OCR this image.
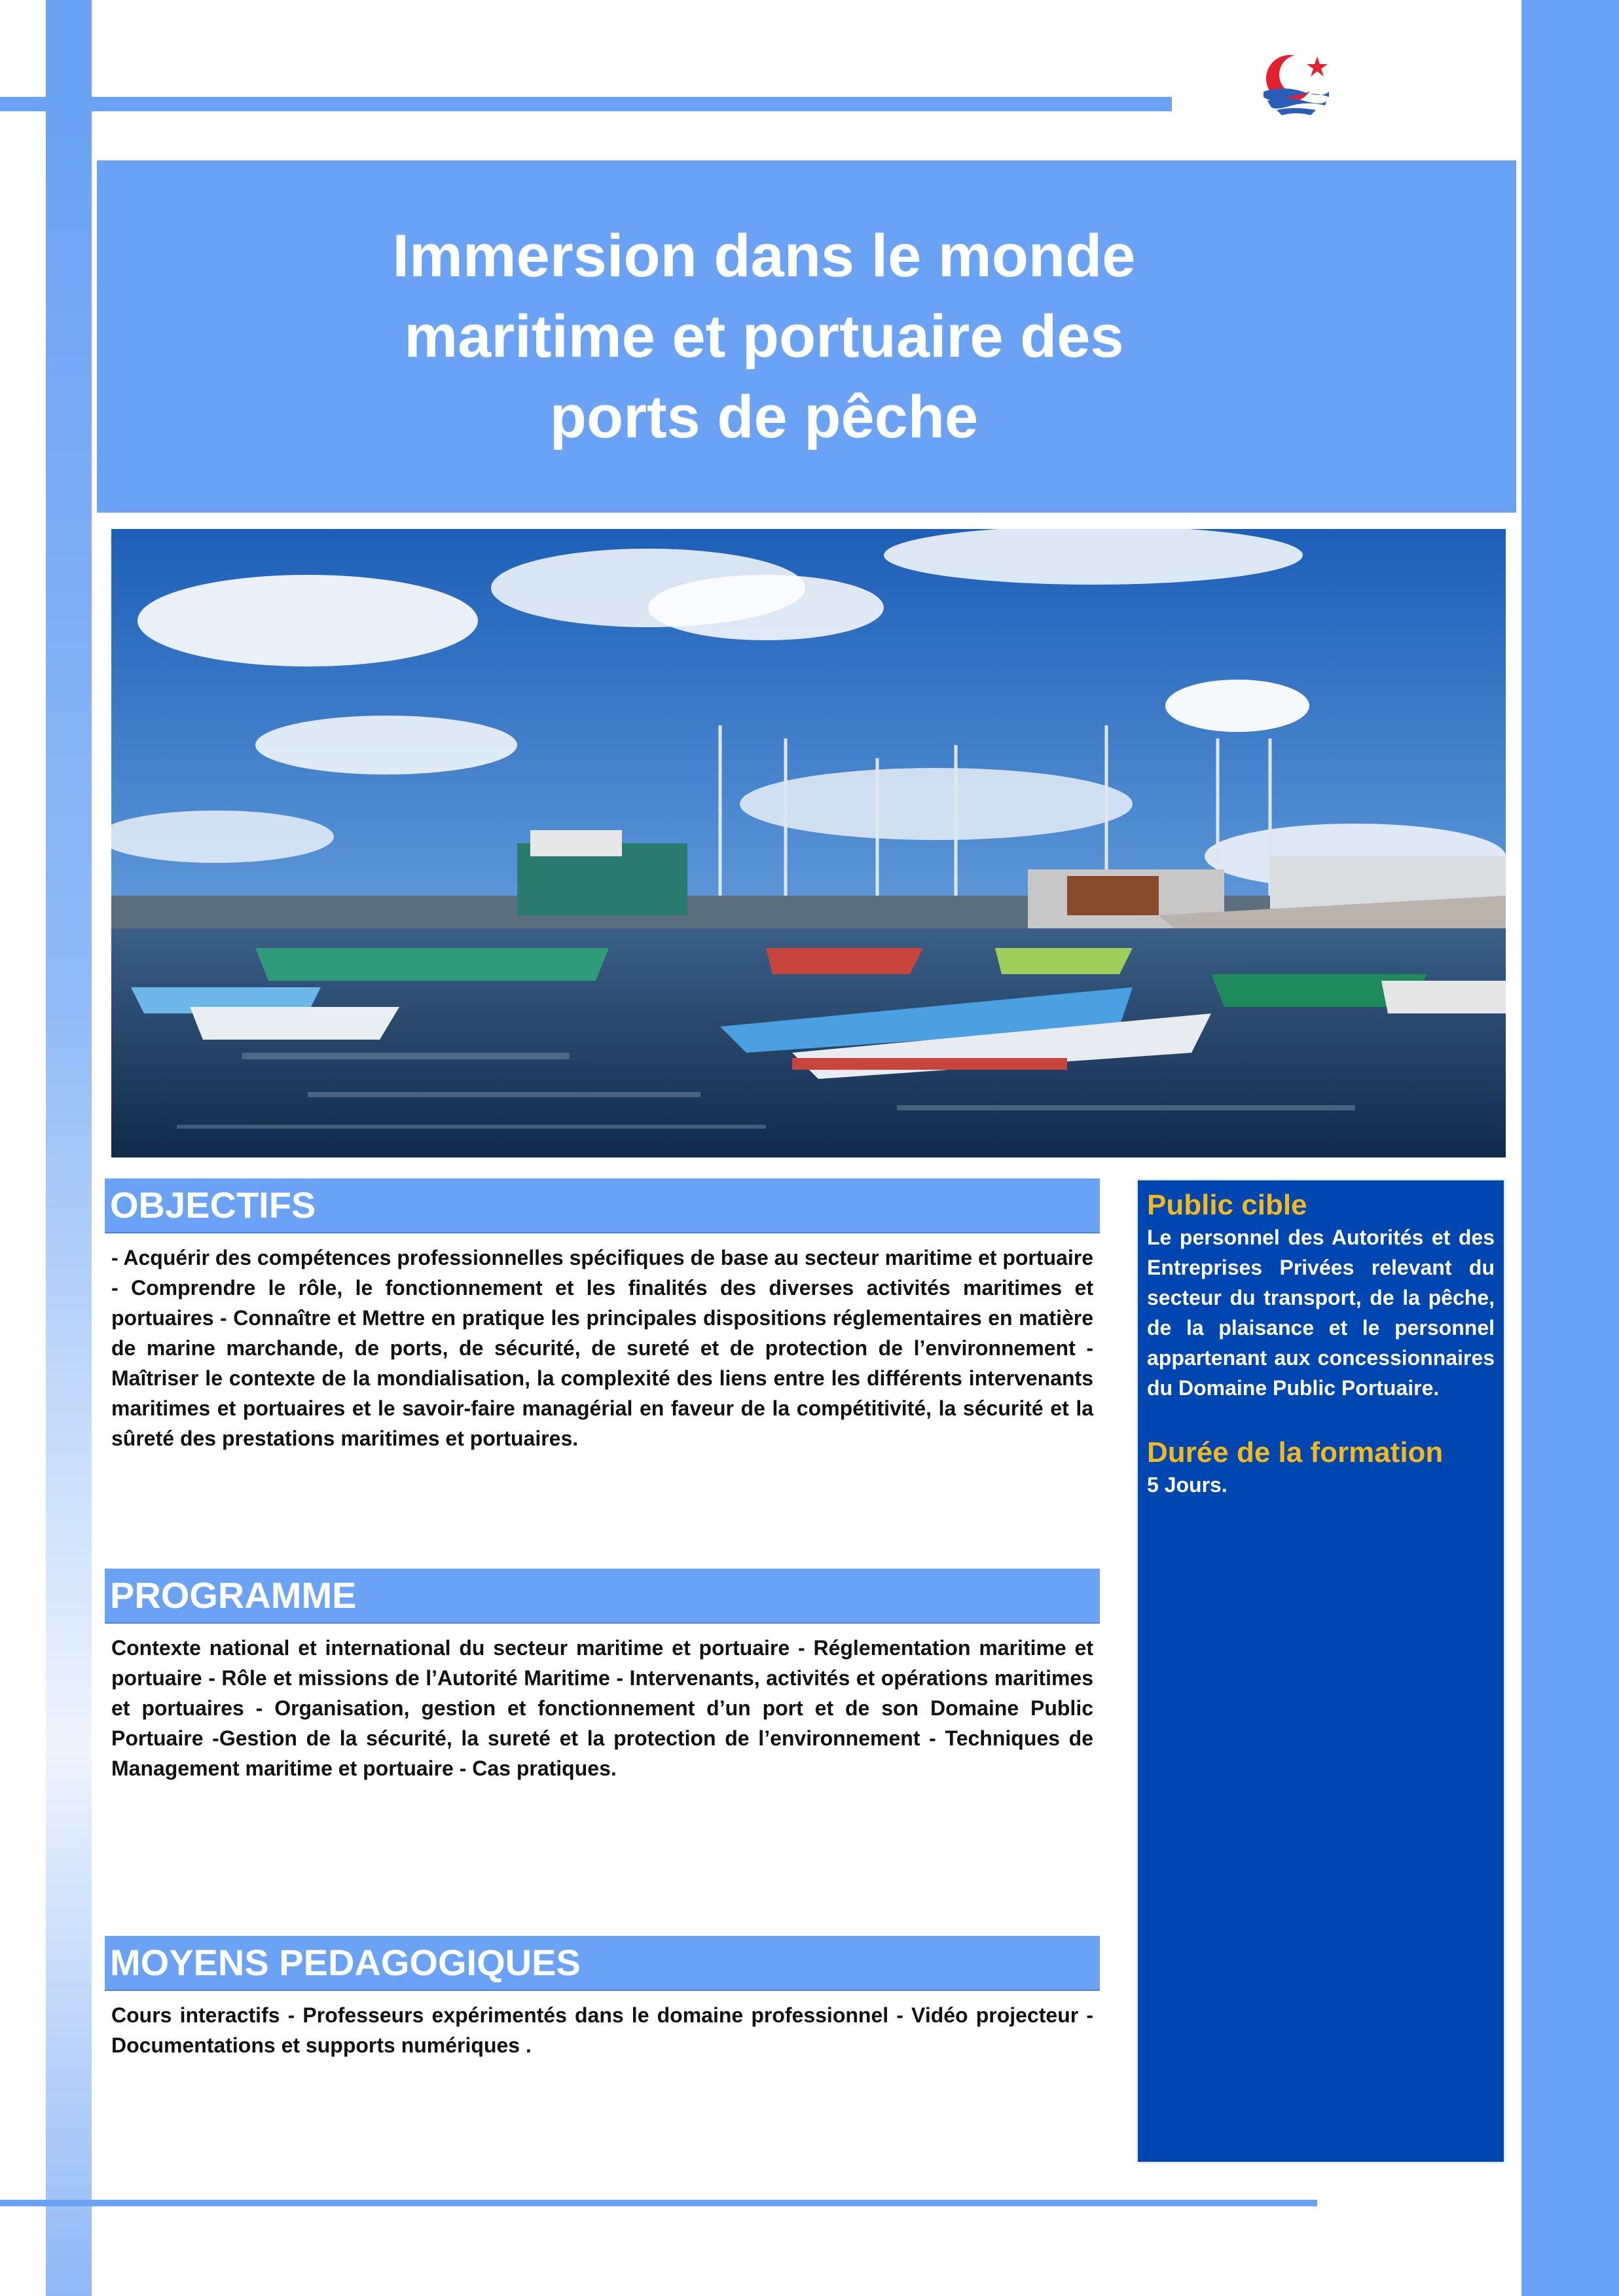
Immersion dans le monde
maritime et portuaire des
ports de pêche
OBJECTIFS
- Acquérir des compétences professionnelles spécifiques de base au secteur maritime et portuaire - Comprendre le rôle, le fonctionnement et les finalités des diverses activités maritimes et portuaires - Connaître et Mettre en pratique les principales dispositions réglementaires en matière de marine marchande, de ports, de sécurité, de sureté et de protection de l’environnement - Maîtriser le contexte de la mondialisation, la complexité des liens entre les différents intervenants maritimes et portuaires et le savoir-faire managérial en faveur de la compétitivité, la sécurité et la sûreté des prestations maritimes et portuaires.
PROGRAMME
Contexte national et international du secteur maritime et portuaire - Réglementation maritime et portuaire - Rôle et missions de l’Autorité Maritime - Intervenants, activités et opérations maritimes et portuaires - Organisation, gestion et fonctionnement d’un port et de son Domaine Public Portuaire -Gestion de la sécurité, la sureté et la protection de l’environnement - Techniques de Management maritime et portuaire - Cas pratiques.
MOYENS PEDAGOGIQUES
Cours interactifs - Professeurs expérimentés dans le domaine professionnel - Vidéo projecteur - Documentations et supports numériques .
Public cible
Le personnel des Autorités et des Entreprises Privées relevant du secteur du transport, de la pêche, de la plaisance et le personnel appartenant aux concessionnaires du Domaine Public Portuaire.
Durée de la formation
5 Jours.
